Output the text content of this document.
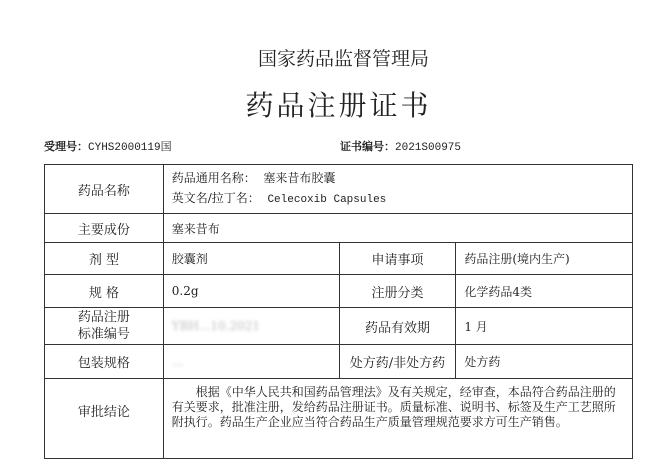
国家药品监督管理局
药品注册证书
受理号：CYHS2000119国	证书编号：2021S00975
药品名称	药品通用名称： 塞来昔布胶囊
英文名/拉丁名： Celecoxib Capsules		

主要成份	塞来昔布		
剂 型	胶囊剂	申请事项	药品注册(境内生产)
规 格	0.2g	注册分类	化学药品4类

药品注册
标准编号	YBH...10.2021	药品有效期	1 月
包装规格	...	处方药/非处方药	处方药
审批结论	根据《中华人民共和国药品管理法》及有关规定，经审查，本品符合药品注册的有关要求，批准注册，发给药品注册证书。质量标准、说明书、标签及生产工艺照所附执行。药品生产企业应当符合药品生产质量管理规范要求方可生产销售。		
